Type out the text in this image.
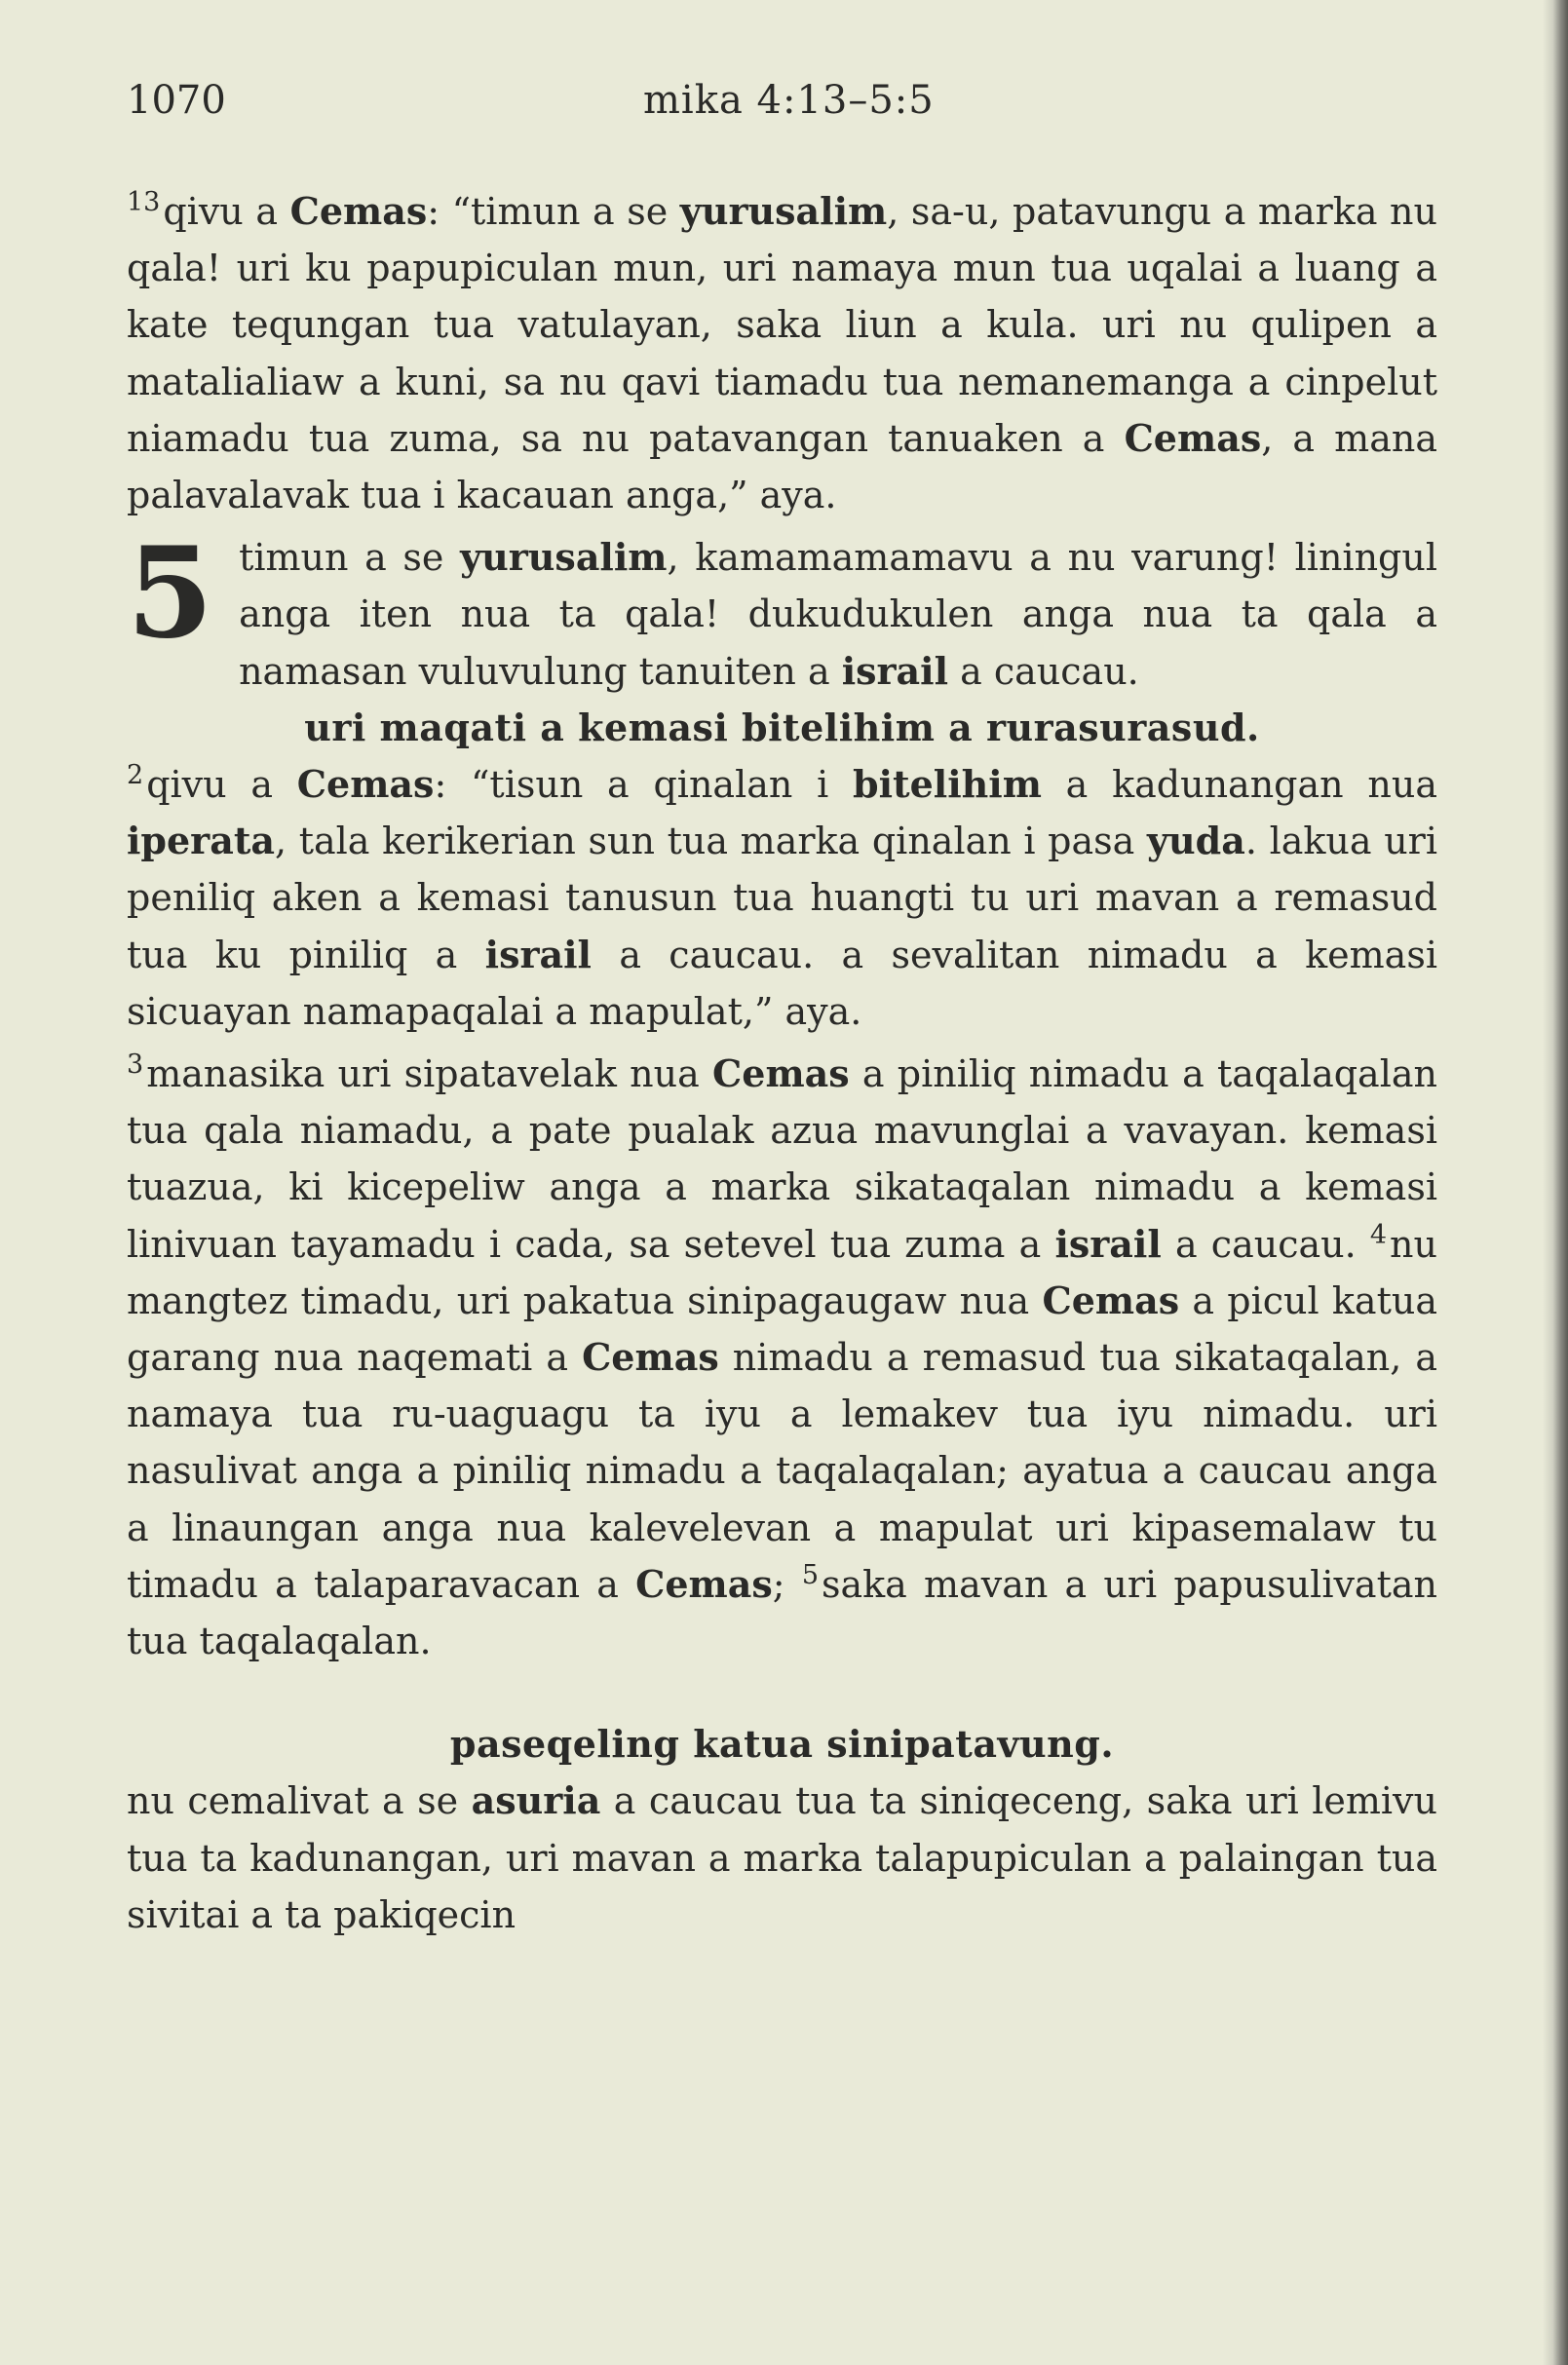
1070	mika 4:13–5:5

$^{13}$qivu a Cemas: “timun a se yurusalim, sa-u, patavungu a marka nu qala! uri ku papupiculan mun, uri namaya mun tua uqalai a luang a kate tequngan tua vatulayan, saka liun a kula. uri nu qulipen a matalialiaw a kuni, sa nu qavi tiamadu tua nemanemanga a cinpelut niamadu tua zuma, sa nu patavangan tanuaken a Cemas, a mana palavalavak tua i kacauan anga,” aya.

5 timun a se yurusalim, kamamamamavu a nu varung! liningul anga iten nua ta qala! dukudukulen anga nua ta qala a namasan vuluvulung tanuiten a israil a caucau.

uri maqati a kemasi bitelihim a rurasurasud.

$^2$qivu a Cemas: “tisun a qinalan i bitelihim a kadunangan nua iperata, tala kerikerian sun tua marka qinalan i pasa yuda. lakua uri peniliq aken a kemasi tanusun tua huangti tu uri mavan a remasud tua ku piniliq a israil a caucau. a sevalitan nimadu a kemasi sicuayan namapaqalai a mapulat,” aya.

$^3$manasika uri sipatavelak nua Cemas a piniliq nimadu a taqalaqalan tua qala niamadu, a pate pualak azua mavunglai a vavayan. kemasi tuazua, ki kicepeliw anga a marka sikataqalan nimadu a kemasi linivuan tayamadu i cada, sa setevel tua zuma a israil a caucau. $^4$nu mangtez timadu, uri pakatua sinipagaugaw nua Cemas a picul katua garang nua naqemati a Cemas nimadu a remasud tua sikataqalan, a namaya tua ru-uaguagu ta iyu a lemakev tua iyu nimadu. uri nasulivat anga a piniliq nimadu a taqalaqalan; ayatua a caucau anga a linaungan anga nua kalevelevan a mapulat uri kipasemalaw tu timadu a talaparavacan a Cemas; $^5$saka mavan a uri papusulivatan tua taqalaqalan.

paseqeling katua sinipatavung.

nu cemalivat a se asuria a caucau tua ta siniqeceng, saka uri lemivu tua ta kadunangan, uri mavan a marka talapupiculan a palaingan tua sivitai a ta pakiqecin
